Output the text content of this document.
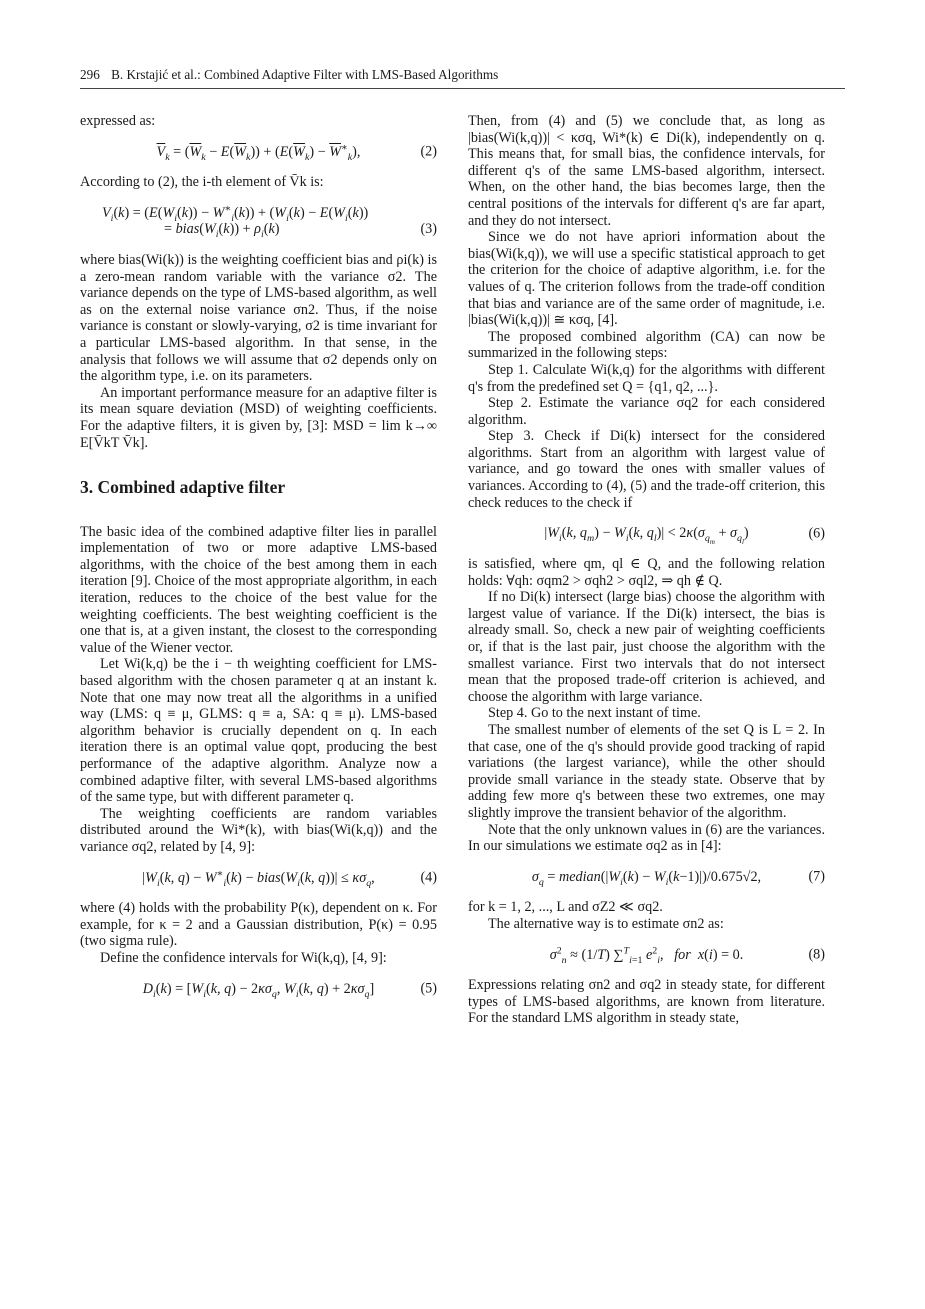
296 B. Krstajić et al.: Combined Adaptive Filter with LMS-Based Algorithms

expressed as:

$\overline{V}_k = (\overline{W}_k - E(\overline{W}_k)) + (E(\overline{W}_k) - \overline{W}^∗_k)$,	(2)

According to (2), the i-th element of V̄k is:

$V_i(k) = (E(W_i(k)) - W^∗_i(k)) + (W_i(k) - E(W_i(k))$
= $bias(W_i(k)) + \rho_i(k)$	(3)

where bias(Wi(k)) is the weighting coefficient bias and ρi(k) is a zero-mean random variable with the variance σ2. The variance depends on the type of LMS-based algorithm, as well as on the external noise variance σn2. Thus, if the noise variance is constant or slowly-varying, σ2 is time invariant for a particular LMS-based algorithm. In that sense, in the analysis that follows we will assume that σ2 depends only on the algorithm type, i.e. on its parameters.

An important performance measure for an adaptive filter is its mean square deviation (MSD) of weighting coefficients. For the adaptive filters, it is given by, [3]: MSD = lim k→∞ E[V̄kT V̄k].

3. Combined adaptive filter

The basic idea of the combined adaptive filter lies in parallel implementation of two or more adaptive LMS-based algorithms, with the choice of the best among them in each iteration [9]. Choice of the most appropriate algorithm, in each iteration, reduces to the choice of the best value for the weighting coefficients. The best weighting coefficient is the one that is, at a given instant, the closest to the corresponding value of the Wiener vector.

Let Wi(k,q) be the i − th weighting coefficient for LMS-based algorithm with the chosen parameter q at an instant k. Note that one may now treat all the algorithms in a unified way (LMS: q ≡ μ, GLMS: q ≡ a, SA: q ≡ μ). LMS-based algorithm behavior is crucially dependent on q. In each iteration there is an optimal value qopt, producing the best performance of the adaptive algorithm. Analyze now a combined adaptive filter, with several LMS-based algorithms of the same type, but with different parameter q.

The weighting coefficients are random variables distributed around the Wi*(k), with bias(Wi(k,q)) and the variance σq2, related by [4, 9]:

$|W_i(k$, $q) - W^∗_i(k)$ − $bias(W_i(k$, $q))| \le \kappa\sigma_q$,	(4)

where (4) holds with the probability P(κ), dependent on κ. For example, for κ = 2 and a Gaussian distribution, P(κ) = 0.95 (two sigma rule).

Define the confidence intervals for Wi(k,q), [4, 9]:

$D_i(k) = [W_i(k$, $q) - 2\kappa\sigma_q$, $W_i(k$, $q) + 2\kappa\sigma_q$]	(5)

Then, from (4) and (5) we conclude that, as long as |bias(Wi(k,q))| < κσq, Wi*(k) ∈ Di(k), independently on q. This means that, for small bias, the confidence intervals, for different q's of the same LMS-based algorithm, intersect. When, on the other hand, the bias becomes large, then the central positions of the intervals for different q's are far apart, and they do not intersect.

Since we do not have apriori information about the bias(Wi(k,q)), we will use a specific statistical approach to get the criterion for the choice of adaptive algorithm, i.e. for the values of q. The criterion follows from the trade-off condition that bias and variance are of the same order of magnitude, i.e. |bias(Wi(k,q))| ≅ κσq, [4].

The proposed combined algorithm (CA) can now be summarized in the following steps:

Step 1. Calculate Wi(k,q) for the algorithms with different q's from the predefined set Q = {q1, q2, ...}.

Step 2. Estimate the variance σq2 for each considered algorithm.

Step 3. Check if Di(k) intersect for the considered algorithms. Start from an algorithm with largest value of variance, and go toward the ones with smaller values of variances. According to (4), (5) and the trade-off criterion, this check reduces to the check if

$|W_i(k$, $q_m) - W_i(k$, $q_l)| < 2\kappa(\sigma_{q_m} + \sigma_{q_l})$	(6)

is satisfied, where qm, ql ∈ Q, and the following relation holds: ∀qh: σqm2 > σqh2 > σql2, ⇒ qh ∉ Q.

If no Di(k) intersect (large bias) choose the algorithm with largest value of variance. If the Di(k) intersect, the bias is already small. So, check a new pair of weighting coefficients or, if that is the last pair, just choose the algorithm with the smallest variance. First two intervals that do not intersect mean that the proposed trade-off criterion is achieved, and choose the algorithm with large variance.

Step 4. Go to the next instant of time.

The smallest number of elements of the set Q is L = 2. In that case, one of the q's should provide good tracking of rapid variations (the largest variance), while the other should provide small variance in the steady state. Observe that by adding few more q's between these two extremes, one may slightly improve the transient behavior of the algorithm.

Note that the only unknown values in (6) are the variances. In our simulations we estimate σq2 as in [4]:

$\sigma_q$ = $median(|W_i(k) - W_i(k-1)|)/0.675√2$,	(7)

for k = 1, 2, ..., L and σZ2 ≪ σq2.

The alternative way is to estimate σn2 as:

$\sigma^2_n \approx (1/T)$ ∑$^T_{i=1}$ $e^2_i$,   for x(i) = 0.	(8)

Expressions relating σn2 and σq2 in steady state, for different types of LMS-based algorithms, are known from literature. For the standard LMS algorithm in steady state,
